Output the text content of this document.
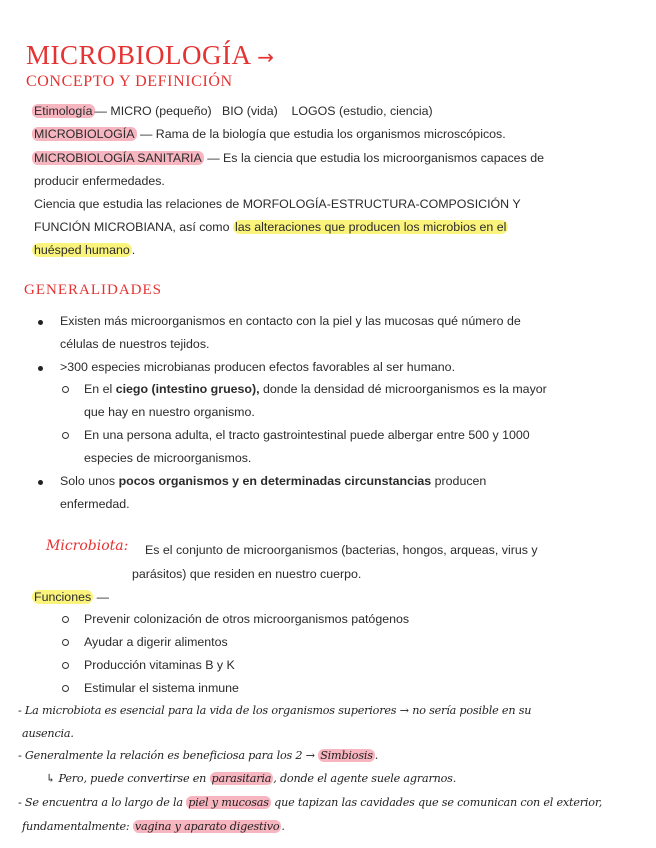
MICROBIOLOGÍA →
CONCEPTO Y DEFINICIÓN
Etimología — MICRO (pequeño)   BIO (vida)    LOGOS (estudio, ciencia)
MICROBIOLOGÍA — Rama de la biología que estudia los organismos microscópicos.
MICROBIOLOGÍA SANITARIA — Es la ciencia que estudia los microorganismos capaces de
producir enfermedades.
Ciencia que estudia las relaciones de MORFOLOGÍA-ESTRUCTURA-COMPOSICIÓN Y
FUNCIÓN MICROBIANA, así como las alteraciones que producen los microbios en el
huésped humano .
GENERALIDADES
Existen más microorganismos en contacto con la piel y las mucosas qué número de
células de nuestros tejidos.
>300 especies microbianas producen efectos favorables al ser humano.
En el ciego (intestino grueso), donde la densidad dé microorganismos es la mayor
que hay en nuestro organismo.
En una persona adulta, el tracto gastrointestinal puede albergar entre 500 y 1000
especies de microorganismos.
Solo unos pocos organismos y en determinadas circunstancias producen
enfermedad.
Microbiota: Es el conjunto de microorganismos (bacterias, hongos, arqueas, virus y
parásitos) que residen en nuestro cuerpo.
Funciones —
Prevenir colonización de otros microorganismos patógenos
Ayudar a digerir alimentos
Producción vitaminas B y K
Estimular el sistema inmune
- La microbiota es esencial para la vida de los organismos superiores → no sería posible en su
ausencia.
- Generalmente la relación es beneficiosa para los 2 → Simbiosis .
↳ Pero, puede convertirse en parasitaria , donde el agente suele agrarnos.
- Se encuentra a lo largo de la piel y mucosas que tapizan las cavidades que se comunican con el exterior,
fundamentalmente: vagina y aparato digestivo .
